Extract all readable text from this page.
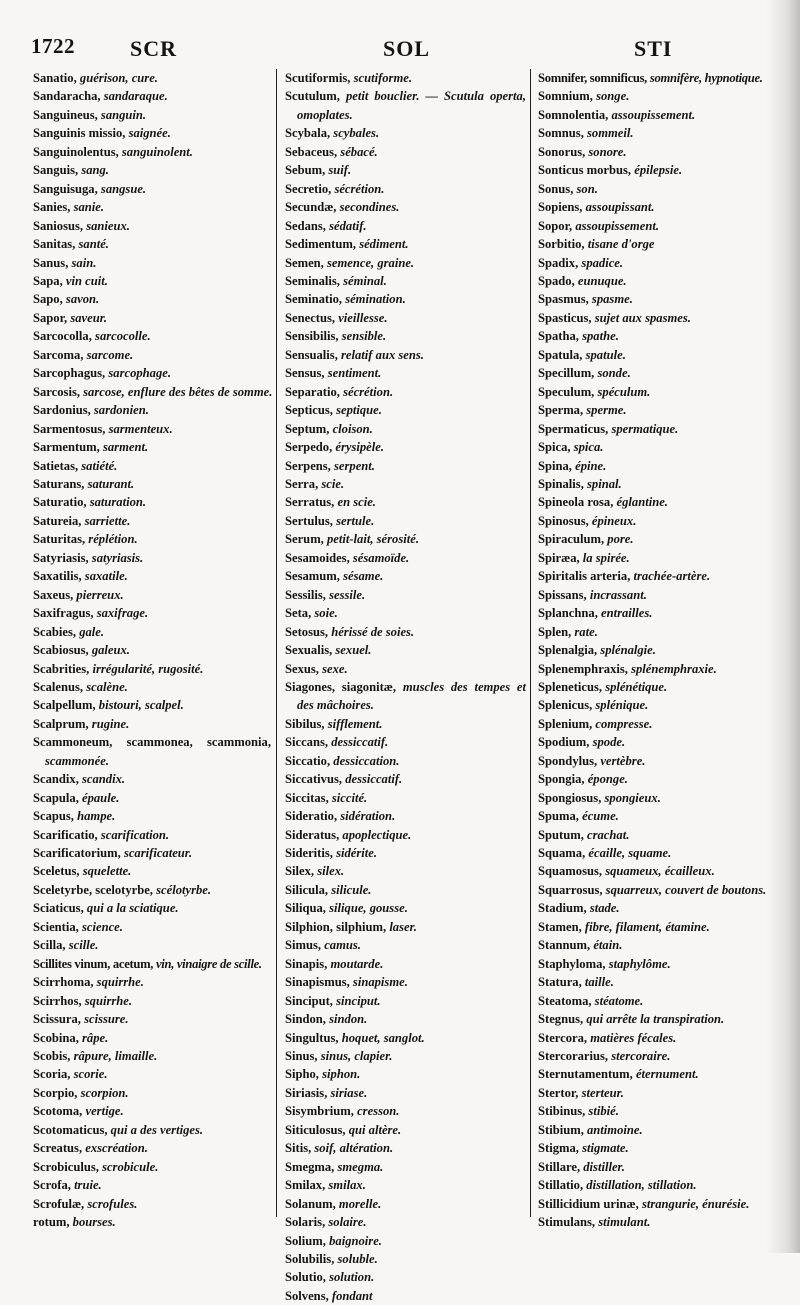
1722	SCR	SOL	STI

Sanatio, guérison, cure.

Sandaracha, sandaraque.

Sanguineus, sanguin.

Sanguinis missio, saignée.

Sanguinolentus, sanguinolent.

Sanguis, sang.

Sanguisuga, sangsue.

Sanies, sanie.

Saniosus, sanieux.

Sanitas, santé.

Sanus, sain.

Sapa, vin cuit.

Sapo, savon.

Sapor, saveur.

Sarcocolla, sarcocolle.

Sarcoma, sarcome.

Sarcophagus, sarcophage.

Sarcosis, sarcose, enflure des bêtes de somme.

Sardonius, sardonien.

Sarmentosus, sarmenteux.

Sarmentum, sarment.

Satietas, satiété.

Saturans, saturant.

Saturatio, saturation.

Satureia, sarriette.

Saturitas, réplétion.

Satyriasis, satyriasis.

Saxatilis, saxatile.

Saxeus, pierreux.

Saxifragus, saxifrage.

Scabies, gale.

Scabiosus, galeux.

Scabrities, irrégularité, rugosité.

Scalenus, scalène.

Scalpellum, bistouri, scalpel.

Scalprum, rugine.

Scammoneum, scammonea, scammonia, scammonée.

Scandix, scandix.

Scapula, épaule.

Scapus, hampe.

Scarificatio, scarification.

Scarificatorium, scarificateur.

Sceletus, squelette.

Sceletyrbe, scelotyrbe, scélotyrbe.

Sciaticus, qui a la sciatique.

Scientia, science.

Scilla, scille.

Scillites vinum, acetum, vin, vinaigre de scille.

Scirrhoma, squirrhe.

Scirrhos, squirrhe.

Scissura, scissure.

Scobina, râpe.

Scobis, râpure, limaille.

Scoria, scorie.

Scorpio, scorpion.

Scotoma, vertige.

Scotomaticus, qui a des vertiges.

Screatus, exscréation.

Scrobiculus, scrobicule.

Scrofa, truie.

Scrofulæ, scrofules.

rotum, bourses.

Scutiformis, scutiforme.

Scutulum, petit bouclier. — Scutula operta, omoplates.

Scybala, scybales.

Sebaceus, sébacé.

Sebum, suif.

Secretio, sécrétion.

Secundæ, secondines.

Sedans, sédatif.

Sedimentum, sédiment.

Semen, semence, graine.

Seminalis, séminal.

Seminatio, sémination.

Senectus, vieillesse.

Sensibilis, sensible.

Sensualis, relatif aux sens.

Sensus, sentiment.

Separatio, sécrétion.

Septicus, septique.

Septum, cloison.

Serpedo, érysipèle.

Serpens, serpent.

Serra, scie.

Serratus, en scie.

Sertulus, sertule.

Serum, petit-lait, sérosité.

Sesamoides, sésamoïde.

Sesamum, sésame.

Sessilis, sessile.

Seta, soie.

Setosus, hérissé de soies.

Sexualis, sexuel.

Sexus, sexe.

Siagones, siagonitæ, muscles des tempes et des mâchoires.

Sibilus, sifflement.

Siccans, dessiccatif.

Siccatio, dessiccation.

Siccativus, dessiccatif.

Siccitas, siccité.

Sideratio, sidération.

Sideratus, apoplectique.

Sideritis, sidérite.

Silex, silex.

Silicula, silicule.

Siliqua, silique, gousse.

Silphion, silphium, laser.

Simus, camus.

Sinapis, moutarde.

Sinapismus, sinapisme.

Sinciput, sinciput.

Sindon, sindon.

Singultus, hoquet, sanglot.

Sinus, sinus, clapier.

Sipho, siphon.

Siriasis, siriase.

Sisymbrium, cresson.

Siticulosus, qui altère.

Sitis, soif, altération.

Smegma, smegma.

Smilax, smilax.

Solanum, morelle.

Solaris, solaire.

Solium, baignoire.

Solubilis, soluble.

Solutio, solution.

Solvens, fondant

Somnifer, somnificus, somnifère, hypnotique.

Somnium, songe.

Somnolentia, assoupissement.

Somnus, sommeil.

Sonorus, sonore.

Sonticus morbus, épilepsie.

Sonus, son.

Sopiens, assoupissant.

Sopor, assoupissement.

Sorbitio, tisane d'orge

Spadix, spadice.

Spado, eunuque.

Spasmus, spasme.

Spasticus, sujet aux spasmes.

Spatha, spathe.

Spatula, spatule.

Specillum, sonde.

Speculum, spéculum.

Sperma, sperme.

Spermaticus, spermatique.

Spica, spica.

Spina, épine.

Spinalis, spinal.

Spineola rosa, églantine.

Spinosus, épineux.

Spiraculum, pore.

Spiræa, la spirée.

Spiritalis arteria, trachée-artère.

Spissans, incrassant.

Splanchna, entrailles.

Splen, rate.

Splenalgia, splénalgie.

Splenemphraxis, splénemphraxie.

Spleneticus, splénétique.

Splenicus, splénique.

Splenium, compresse.

Spodium, spode.

Spondylus, vertèbre.

Spongia, éponge.

Spongiosus, spongieux.

Spuma, écume.

Sputum, crachat.

Squama, écaille, squame.

Squamosus, squameux, écailleux.

Squarrosus, squarreux, couvert de boutons.

Stadium, stade.

Stamen, fibre, filament, étamine.

Stannum, étain.

Staphyloma, staphylôme.

Statura, taille.

Steatoma, stéatome.

Stegnus, qui arrête la transpiration.

Stercora, matières fécales.

Stercorarius, stercoraire.

Sternutamentum, éternument.

Stertor, sterteur.

Stibinus, stibié.

Stibium, antimoine.

Stigma, stigmate.

Stillare, distiller.

Stillatio, distillation, stillation.

Stillicidium urinæ, strangurie, énurésie.

Stimulans, stimulant.
